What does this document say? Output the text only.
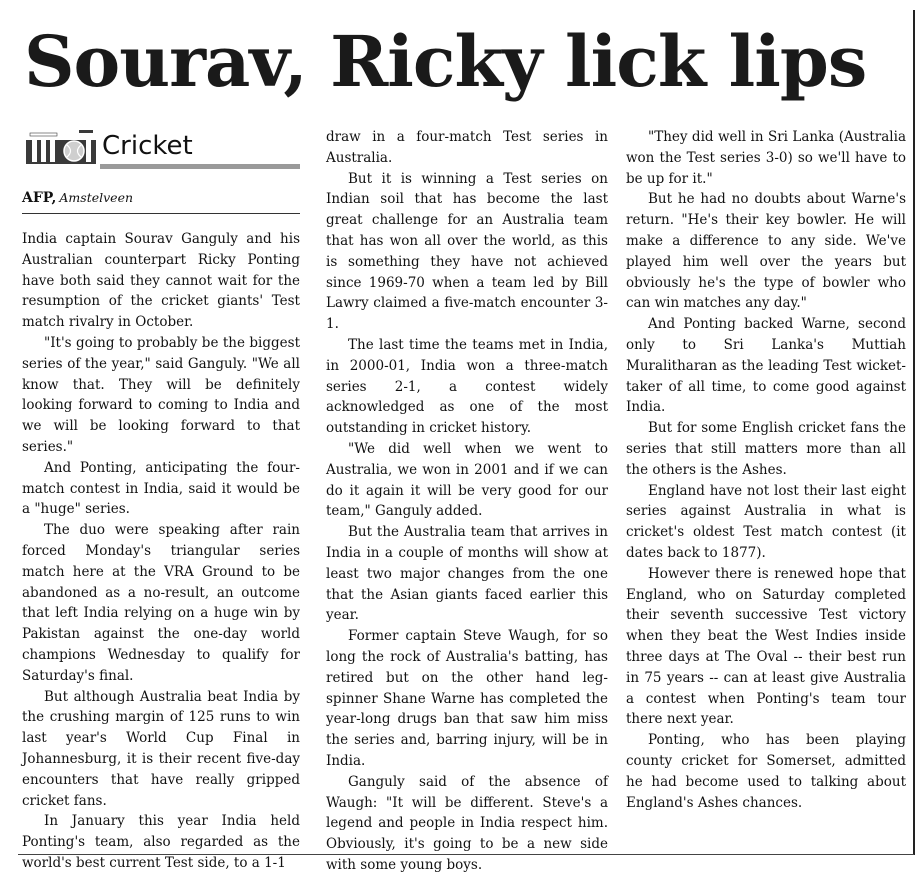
Sourav, Ricky lick lips
Cricket
AFP, Amstelveen

India captain Sourav Ganguly and his Australian counterpart Ricky Ponting have both said they cannot wait for the resumption of the cricket giants' Test match rivalry in October.

"It's going to probably be the biggest series of the year," said Ganguly. "We all know that. They will be definitely looking forward to coming to India and we will be looking forward to that series."

And Ponting, anticipating the four-match contest in India, said it would be a "huge" series.

The duo were speaking after rain forced Monday's triangular series match here at the VRA Ground to be abandoned as a no-result, an outcome that left India relying on a huge win by Pakistan against the one-day world champions Wednesday to qualify for Saturday's final.

But although Australia beat India by the crushing margin of 125 runs to win last year's World Cup Final in Johannesburg, it is their recent five-day encounters that have really gripped cricket fans.

In January this year India held Ponting's team, also regarded as the world's best current Test side, to a 1-1

draw in a four-match Test series in Australia.

But it is winning a Test series on Indian soil that has become the last great challenge for an Australia team that has won all over the world, as this is something they have not achieved since 1969-70 when a team led by Bill Lawry claimed a five-match encounter 3-1.

The last time the teams met in India, in 2000-01, India won a three-match series 2-1, a contest widely acknowledged as one of the most outstanding in cricket history.

"We did well when we went to Australia, we won in 2001 and if we can do it again it will be very good for our team," Ganguly added.

But the Australia team that arrives in India in a couple of months will show at least two major changes from the one that the Asian giants faced earlier this year.

Former captain Steve Waugh, for so long the rock of Australia's batting, has retired but on the other hand leg-spinner Shane Warne has completed the year-long drugs ban that saw him miss the series and, barring injury, will be in India.

Ganguly said of the absence of Waugh: "It will be different. Steve's a legend and people in India respect him. Obviously, it's going to be a new side with some young boys.

"They did well in Sri Lanka (Australia won the Test series 3-0) so we'll have to be up for it."

But he had no doubts about Warne's return. "He's their key bowler. He will make a difference to any side. We've played him well over the years but obviously he's the type of bowler who can win matches any day."

And Ponting backed Warne, second only to Sri Lanka's Muttiah Muralitharan as the leading Test wicket-taker of all time, to come good against India.

But for some English cricket fans the series that still matters more than all the others is the Ashes.

England have not lost their last eight series against Australia in what is cricket's oldest Test match contest (it dates back to 1877).

However there is renewed hope that England, who on Saturday completed their seventh successive Test victory when they beat the West Indies inside three days at The Oval -- their best run in 75 years -- can at least give Australia a contest when Ponting's team tour there next year.

Ponting, who has been playing county cricket for Somerset, admitted he had become used to talking about England's Ashes chances.
